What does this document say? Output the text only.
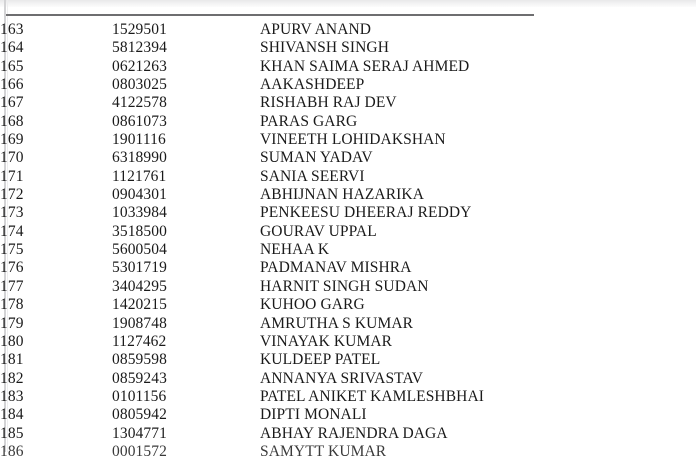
163	1529501	APURV ANAND
164	5812394	SHIVANSH SINGH
165	0621263	KHAN SAIMA SERAJ AHMED
166	0803025	AAKASHDEEP
167	4122578	RISHABH RAJ DEV
168	0861073	PARAS GARG
169	1901116	VINEETH LOHIDAKSHAN
170	6318990	SUMAN YADAV
171	1121761	SANIA SEERVI
172	0904301	ABHIJNAN HAZARIKA
173	1033984	PENKEESU DHEERAJ REDDY
174	3518500	GOURAV UPPAL
175	5600504	NEHAA K
176	5301719	PADMANAV MISHRA
177	3404295	HARNIT SINGH SUDAN
178	1420215	KUHOO GARG
179	1908748	AMRUTHA S KUMAR
180	1127462	VINAYAK KUMAR
181	0859598	KULDEEP PATEL
182	0859243	ANNANYA SRIVASTAV
183	0101156	PATEL ANIKET KAMLESHBHAI
184	0805942	DIPTI MONALI
185	1304771	ABHAY RAJENDRA DAGA
186	0001572	SAMYTT KUMAR
